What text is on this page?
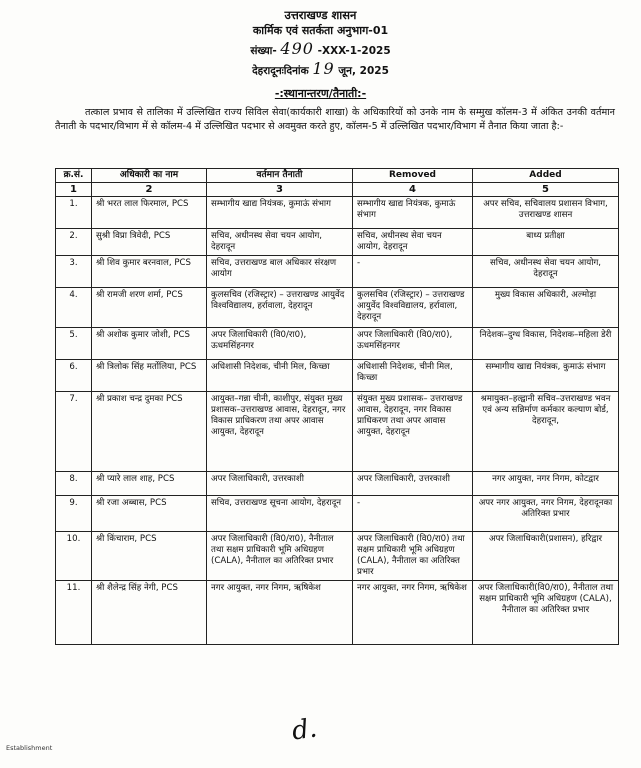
उत्तराखण्ड शासन
कार्मिक एवं सतर्कता अनुभाग-01
संख्या- 490 -XXX-1-2025
देहरादूनःदिनांक 19 जून, 2025
-:स्थानान्तरण/तैनाती:-
तत्काल प्रभाव से तालिका में उल्लिखित राज्य सिविल सेवा(कार्यकारी शाखा) के अधिकारियों को उनके नाम के सम्मुख कॉलम-3 में अंकित उनकी वर्तमान तैनाती के पदभार/विभाग में से कॉलम-4 में उल्लिखित पदभार से अवमुक्त करते हुए, कॉलम-5 में उल्लिखित पदभार/विभाग में तैनात किया जाता है:-
क्र.सं.	अधिकारी का नाम	वर्तमान तैनाती	Removed	Added
1	2	3	4	5
1.	श्री भरत लाल फिरमाल, PCS	सम्भागीय खाद्य नियंत्रक, कुमाऊं संभाग	सम्भागीय खाद्य नियंत्रक, कुमाऊं संभाग	अपर सचिव, सचिवालय प्रशासन विभाग, उत्तराखण्ड शासन
2.	सुश्री विप्रा त्रिवेदी, PCS	सचिव, अधीनस्थ सेवा चयन आयोग, देहरादून	सचिव, अधीनस्थ सेवा चयन आयोग, देहरादून	बाध्य प्रतीक्षा
3.	श्री शिव कुमार बरनवाल, PCS	सचिव, उत्तराखण्ड बाल अधिकार संरक्षण आयोग	-	सचिव, अधीनस्थ सेवा चयन आयोग, देहरादून
4.	श्री रामजी शरण शर्मा, PCS	कुलसचिव (रजिस्ट्रार) – उत्तराखण्ड आयुर्वेद विश्वविद्यालय, हर्रावाला, देहरादून	कुलसचिव (रजिस्ट्रार) – उत्तराखण्ड आयुर्वेद विश्वविद्यालय, हर्रावाला, देहरादून	मुख्य विकास अधिकारी, अल्मोड़ा
5.	श्री अशोक कुमार जोशी, PCS	अपर जिलाधिकारी (वि0/रा0), ऊधमसिंहनगर	अपर जिलाधिकारी (वि0/रा0), ऊधमसिंहनगर	निदेशक–दुग्ध विकास, निदेशक–महिला डेरी
6.	श्री त्रिलोक सिंह मर्तोलिया, PCS	अधिशासी निदेशक, चीनी मिल, किच्छा	अधिशासी निदेशक, चीनी मिल, किच्छा	सम्भागीय खाद्य नियंत्रक, कुमाऊं संभाग
7.	श्री प्रकाश चन्द्र दुमका PCS	आयुक्त–गन्ना चीनी, काशीपुर, संयुक्त मुख्य प्रशासक–उत्तराखण्ड आवास, देहरादून, नगर विकास प्राधिकरण तथा अपर आवास आयुक्त, देहरादून	संयुक्त मुख्य प्रशासक– उत्तराखण्ड आवास, देहरादून, नगर विकास प्राधिकरण तथा अपर आवास आयुक्त, देहरादून	श्रमायुक्त–हल्द्वानी सचिव–उत्तराखण्ड भवन एवं अन्य सन्निर्माण कर्मकार कल्याण बोर्ड, देहरादून,
8.	श्री प्यारे लाल शाह, PCS	अपर जिलाधिकारी, उत्तरकाशी	अपर जिलाधिकारी, उत्तरकाशी	नगर आयुक्त, नगर निगम, कोटद्वार
9.	श्री रजा अब्बास, PCS	सचिव, उत्तराखण्ड सूचना आयोग, देहरादून	-	अपर नगर आयुक्त, नगर निगम, देहरादूनका अतिरिक्त प्रभार
10.	श्री किंचाराम, PCS	अपर जिलाधिकारी (वि0/रा0), नैनीताल तथा सक्षम प्राधिकारी भूमि अधिग्रहण (CALA), नैनीताल का अतिरिक्त प्रभार	अपर जिलाधिकारी (वि0/रा0) तथा सक्षम प्राधिकारी भूमि अधिग्रहण (CALA), नैनीताल का अतिरिक्त प्रभार	अपर जिलाधिकारी(प्रशासन), हरिद्वार
11.	श्री शैलेन्द्र सिंह नेगी, PCS	नगर आयुक्त, नगर निगम, ऋषिकेश	नगर आयुक्त, नगर निगम, ऋषिकेश	अपर जिलाधिकारी(वि0/रा0), नैनीताल तथा सक्षम प्राधिकारी भूमि अधिग्रहण (CALA), नैनीताल का अतिरिक्त प्रभार
d.
Establishment
